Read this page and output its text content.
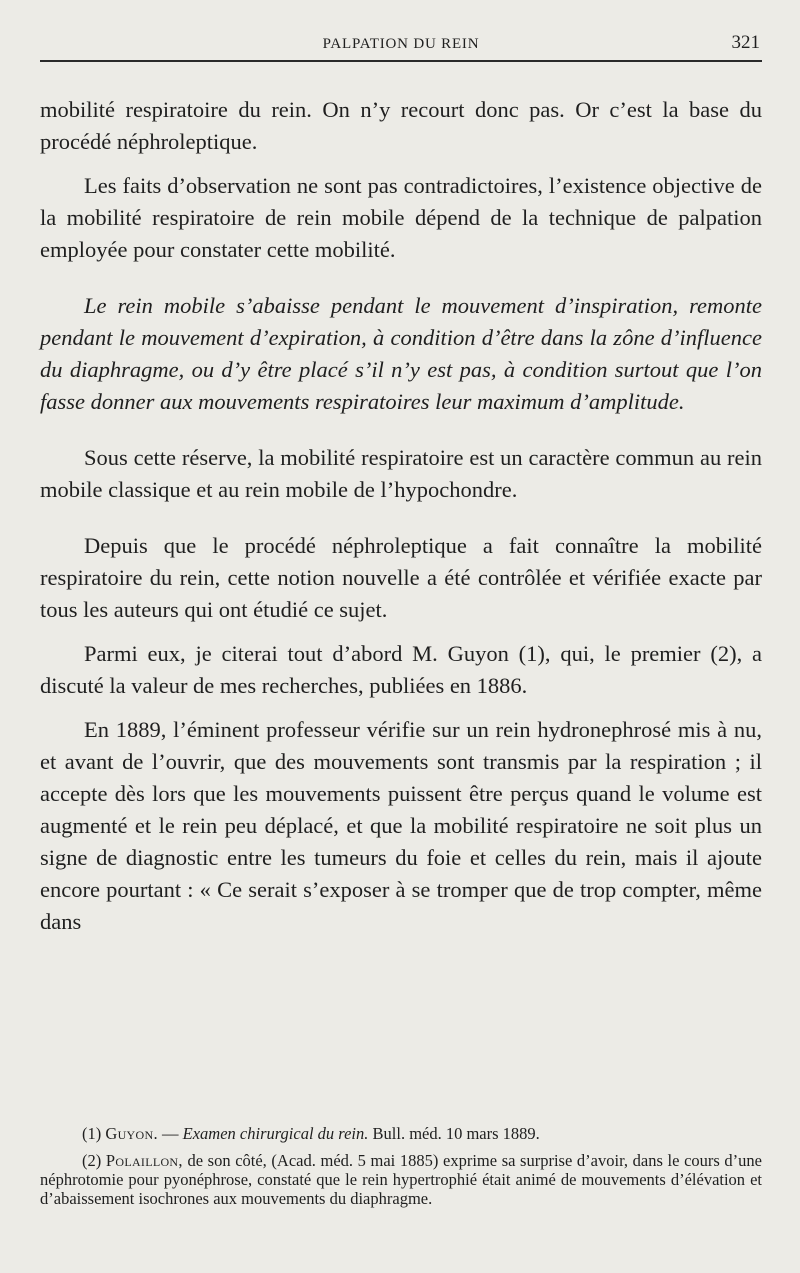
PALPATION DU REIN	321

mobilité respiratoire du rein. On n’y recourt donc pas. Or c’est la base du procédé néphroleptique.

Les faits d’observation ne sont pas contradictoires, l’existence objective de la mobilité respiratoire de rein mobile dépend de la technique de palpation employée pour constater cette mobilité.

Le rein mobile s’abaisse pendant le mouvement d’inspiration, remonte pendant le mouvement d’expiration, à condition d’être dans la zône d’influence du diaphragme, ou d’y être placé s’il n’y est pas, à condition surtout que l’on fasse donner aux mouvements respiratoires leur maximum d’amplitude.

Sous cette réserve, la mobilité respiratoire est un caractère commun au rein mobile classique et au rein mobile de l’hypochondre.

Depuis que le procédé néphroleptique a fait connaître la mobilité respiratoire du rein, cette notion nouvelle a été contrôlée et vérifiée exacte par tous les auteurs qui ont étudié ce sujet.

Parmi eux, je citerai tout d’abord M. Guyon (1), qui, le premier (2), a discuté la valeur de mes recherches, publiées en 1886.

En 1889, l’éminent professeur vérifie sur un rein hydronephrosé mis à nu, et avant de l’ouvrir, que des mouvements sont transmis par la respiration ; il accepte dès lors que les mouvements puissent être perçus quand le volume est augmenté et le rein peu déplacé, et que la mobilité respiratoire ne soit plus un signe de diagnostic entre les tumeurs du foie et celles du rein, mais il ajoute encore pourtant : « Ce serait s’exposer à se tromper que de trop compter, même dans

(1) Guyon. — Examen chirurgical du rein. Bull. méd. 10 mars 1889.

(2) Polaillon, de son côté, (Acad. méd. 5 mai 1885) exprime sa surprise d’avoir, dans le cours d’une néphrotomie pour pyonéphrose, constaté que le rein hypertrophié était animé de mouvements d’élévation et d’abaissement isochrones aux mouvements du diaphragme.
